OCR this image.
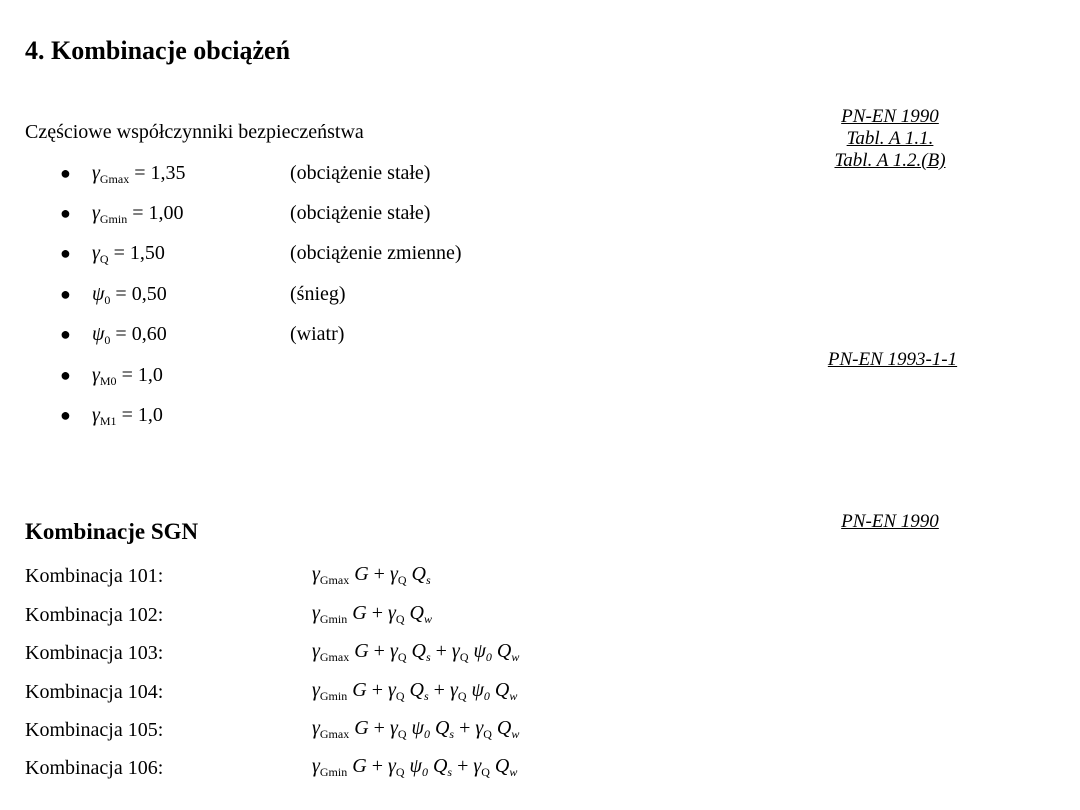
4. Kombinacje obciążeń
Częściowe współczynniki bezpieczeństwa
● $\gamma_{Gmax} = 1,35$	(obciążenie stałe)
● $\gamma_{Gmin} = 1,00$	(obciążenie stałe)
● $\gamma_Q = 1,50$	(obciążenie zmienne)
● $\psi_0 = 0,50$	(śnieg)
● $\psi_0 = 0,60$	(wiatr)
● $\gamma_{M0} = 1,0$
● $\gamma_{M1} = 1,0$
PN-EN 1990
Tabl. A 1.1.
Tabl. A 1.2.(B)
PN-EN 1993-1-1
PN-EN 1990
Kombinacje SGN
Kombinacja 101:	$\gamma_{Gmax}$ $G + \gamma_Q$ $Q_s$
Kombinacja 102:	$\gamma_{Gmin}$ $G + \gamma_Q$ $Q_w$
Kombinacja 103:	$\gamma_{Gmax}$ $G + \gamma_Q$ $Q_s + \gamma_Q$ $\psi_0$ $Q_w$
Kombinacja 104:	$\gamma_{Gmin}$ $G + \gamma_Q$ $Q_s + \gamma_Q$ $\psi_0$ $Q_w$
Kombinacja 105:	$\gamma_{Gmax}$ $G + \gamma_Q$ $\psi_0$ $Q_s + \gamma_Q$ $Q_w$
Kombinacja 106:	$\gamma_{Gmin}$ $G + \gamma_Q$ $\psi_0$ $Q_s + \gamma_Q$ $Q_w$
